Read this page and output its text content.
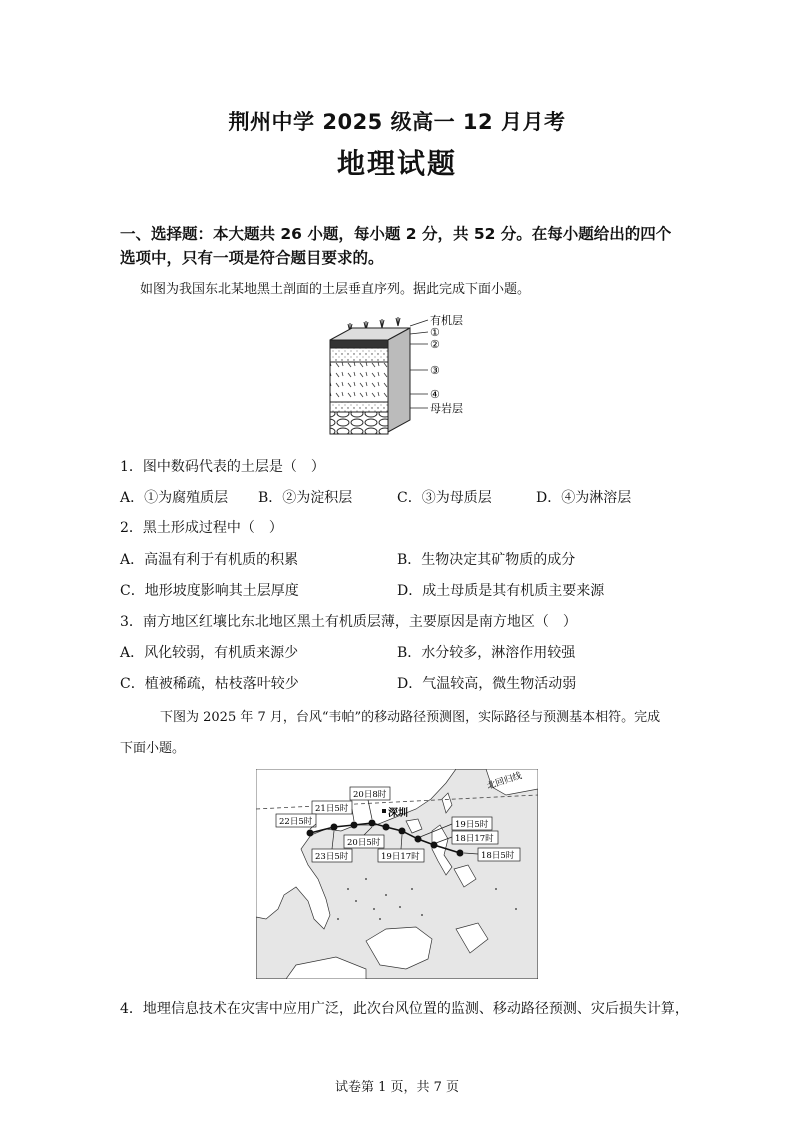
荆州中学 2025 级高一 12 月月考
地理试题
一、选择题：本大题共 26 小题，每小题 2 分，共 52 分。在每小题给出的四个
选项中，只有一项是符合题目要求的。
如图为我国东北某地黑土剖面的土层垂直序列。据此完成下面小题。
有机层
①
②
③
④
母岩层
1．图中数码代表的土层是（　）
A．①为腐殖质层 B．②为淀积层	C．③为母质层	D．④为淋溶层
2．黑土形成过程中（　）
A．高温有利于有机质的积累	B．生物决定其矿物质的成分
C．地形坡度影响其土层厚度	D．成土母质是其有机质主要来源
3．南方地区红壤比东北地区黑土有机质层薄，主要原因是南方地区（　）
A．风化较弱，有机质来源少	B．水分较多，淋溶作用较强
C．植被稀疏，枯枝落叶较少	D．气温较高，微生物活动弱
下图为 2025 年 7 月，台风“韦帕”的移动路径预测图，实际路径与预测基本相符。完成
下面小题。
北回归线
深圳
20日8时
21日5时
22日5时
20日5时
19日5时
18日17时
18日5时
23日5时	19日17时
4．地理信息技术在灾害中应用广泛，此次台风位置的监测、移动路径预测、灾后损失计算，
试卷第 1 页，共 7 页
